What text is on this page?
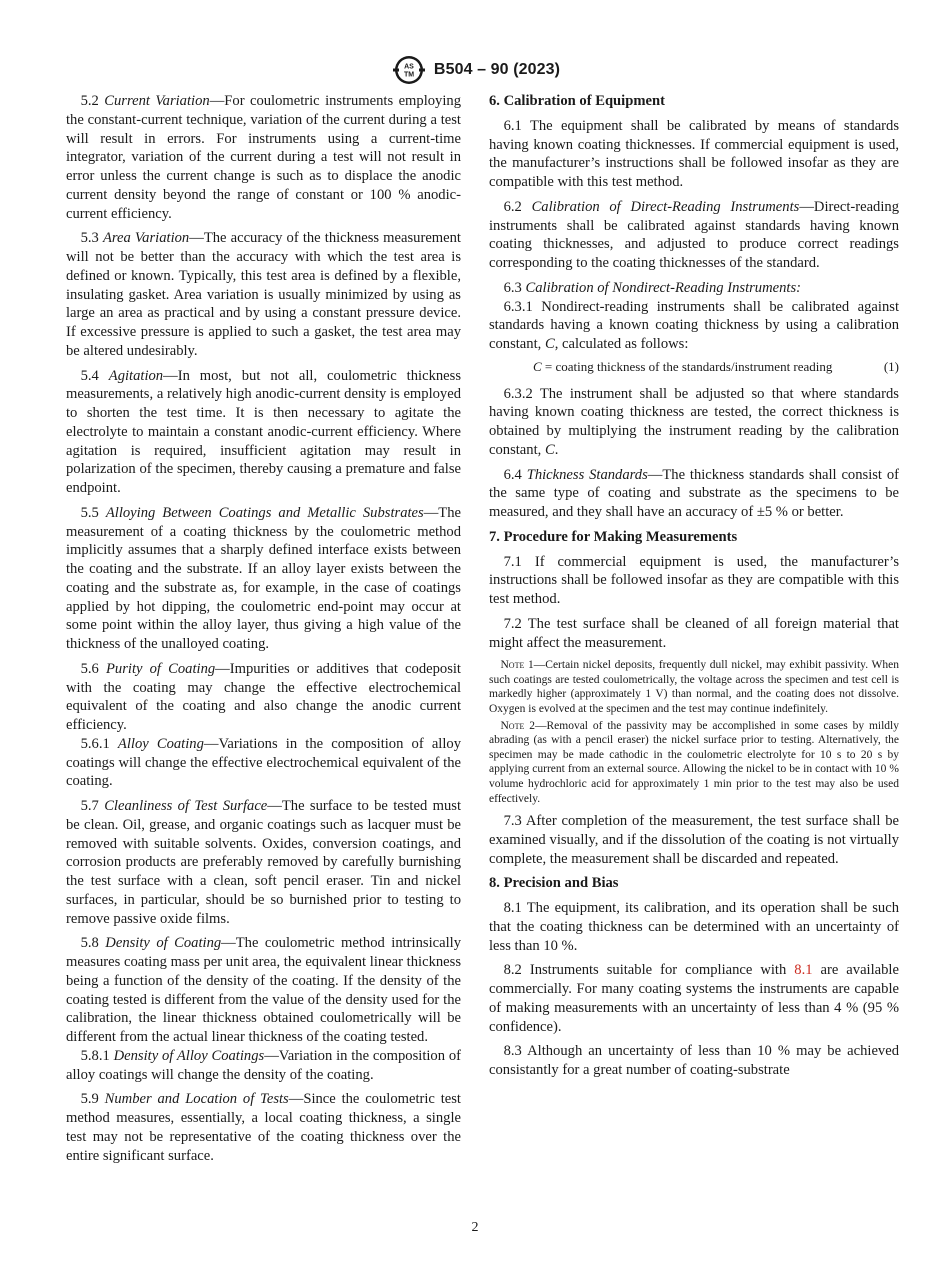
AS
TM B504 – 90 (2023)

 5.2 Current Variation—For coulometric instruments employing the constant-current technique, variation of the current during a test will result in errors. For instruments using a current-time integrator, variation of the current during a test will not result in error unless the current change is such as to displace the anodic current density beyond the range of constant or 100 % anodic-current efficiency.

 5.3 Area Variation—The accuracy of the thickness measurement will not be better than the accuracy with which the test area is defined or known. Typically, this test area is defined by a flexible, insulating gasket. Area variation is usually minimized by using as large an area as practical and by using a constant pressure device. If excessive pressure is applied to such a gasket, the test area may be altered undesirably.

 5.4 Agitation—In most, but not all, coulometric thickness measurements, a relatively high anodic-current density is employed to shorten the test time. It is then necessary to agitate the electrolyte to maintain a constant anodic-current efficiency. Where agitation is required, insufficient agitation may result in polarization of the specimen, thereby causing a premature and false endpoint.

 5.5 Alloying Between Coatings and Metallic Substrates—The measurement of a coating thickness by the coulometric method implicitly assumes that a sharply defined interface exists between the coating and the substrate. If an alloy layer exists between the coating and the substrate as, for example, in the case of coatings applied by hot dipping, the coulometric end-point may occur at some point within the alloy layer, thus giving a high value of the thickness of the unalloyed coating.

 5.6 Purity of Coating—Impurities or additives that codeposit with the coating may change the effective electrochemical equivalent of the coating and also change the anodic current efficiency.

 5.6.1 Alloy Coating—Variations in the composition of alloy coatings will change the effective electrochemical equivalent of the coating.

 5.7 Cleanliness of Test Surface—The surface to be tested must be clean. Oil, grease, and organic coatings such as lacquer must be removed with suitable solvents. Oxides, conversion coatings, and corrosion products are preferably removed by carefully burnishing the test surface with a clean, soft pencil eraser. Tin and nickel surfaces, in particular, should be so burnished prior to testing to remove passive oxide films.

 5.8 Density of Coating—The coulometric method intrinsically measures coating mass per unit area, the equivalent linear thickness being a function of the density of the coating. If the density of the coating tested is different from the value of the density used for the calibration, the linear thickness obtained coulometrically will be different from the actual linear thickness of the coating tested.

 5.8.1 Density of Alloy Coatings—Variation in the composition of alloy coatings will change the density of the coating.

 5.9 Number and Location of Tests—Since the coulometric test method measures, essentially, a local coating thickness, a single test may not be representative of the coating thickness over the entire significant surface.

6. Calibration of Equipment

 6.1 The equipment shall be calibrated by means of standards having known coating thicknesses. If commercial equipment is used, the manufacturer’s instructions shall be followed insofar as they are compatible with this test method.

 6.2 Calibration of Direct-Reading Instruments—Direct-reading instruments shall be calibrated against standards having known coating thicknesses, and adjusted to produce correct readings corresponding to the coating thicknesses of the standard.

 6.3 Calibration of Nondirect-Reading Instruments:

 6.3.1 Nondirect-reading instruments shall be calibrated against standards having a known coating thickness by using a calibration constant, C, calculated as follows:

C = coating thickness of the standards/instrument reading	(1)

 6.3.2 The instrument shall be adjusted so that where standards having known coating thickness are tested, the correct thickness is obtained by multiplying the instrument reading by the calibration constant, C.

 6.4 Thickness Standards—The thickness standards shall consist of the same type of coating and substrate as the specimens to be measured, and they shall have an accuracy of ±5 % or better.

7. Procedure for Making Measurements

 7.1 If commercial equipment is used, the manufacturer’s instructions shall be followed insofar as they are compatible with this test method.

 7.2 The test surface shall be cleaned of all foreign material that might affect the measurement.

 Note 1—Certain nickel deposits, frequently dull nickel, may exhibit passivity. When such coatings are tested coulometrically, the voltage across the specimen and test cell is markedly higher (approximately 1 V) than normal, and the coating does not dissolve. Oxygen is evolved at the specimen and the test may continue indefinitely.

 Note 2—Removal of the passivity may be accomplished in some cases by mildly abrading (as with a pencil eraser) the nickel surface prior to testing. Alternatively, the specimen may be made cathodic in the coulometric electrolyte for 10 s to 20 s by applying current from an external source. Allowing the nickel to be in contact with 10 % volume hydrochloric acid for approximately 1 min prior to the test may also be used effectively.

 7.3 After completion of the measurement, the test surface shall be examined visually, and if the dissolution of the coating is not virtually complete, the measurement shall be discarded and repeated.

8. Precision and Bias

 8.1 The equipment, its calibration, and its operation shall be such that the coating thickness can be determined with an uncertainty of less than 10 %.

 8.2 Instruments suitable for compliance with 8.1 are available commercially. For many coating systems the instruments are capable of making measurements with an uncertainty of less than 4 % (95 % confidence).

 8.3 Although an uncertainty of less than 10 % may be achieved consistantly for a great number of coating-substrate

2
